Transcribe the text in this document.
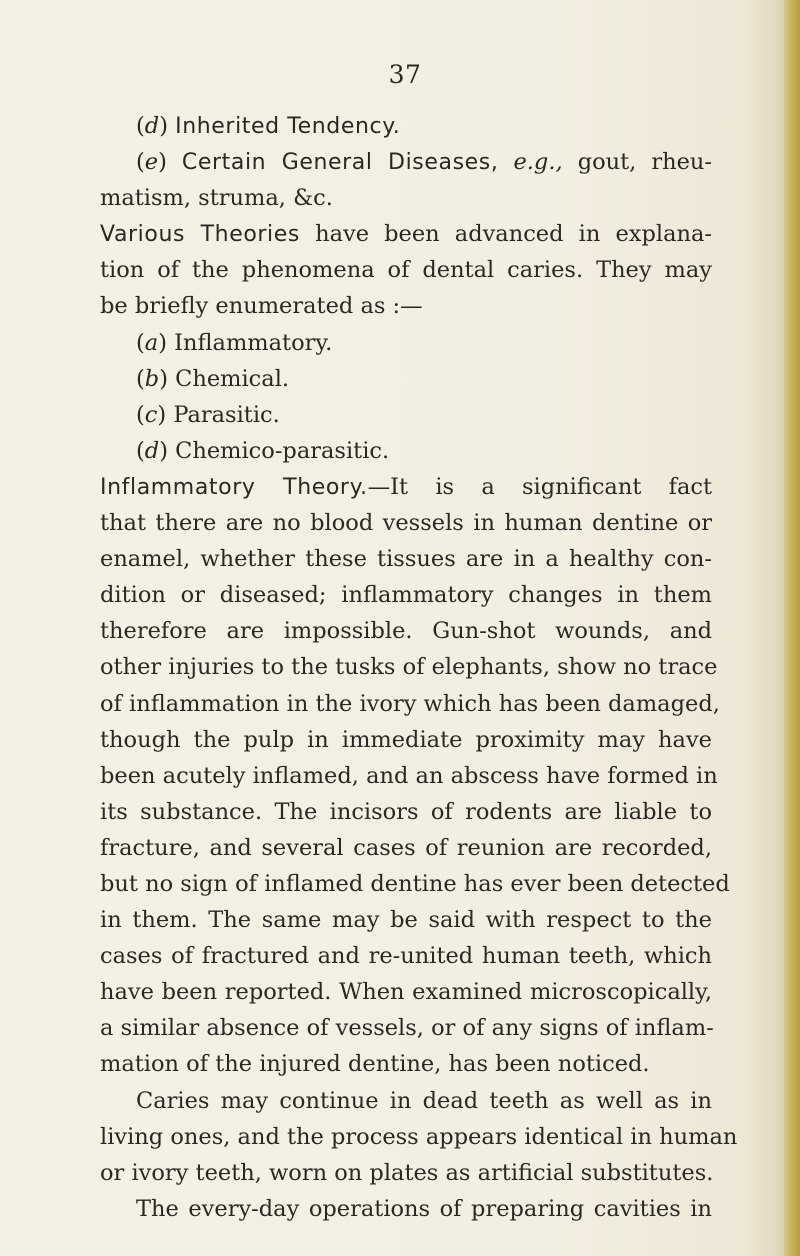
37
(d) Inherited Tendency.
(e) Certain General Diseases, e.g., gout, rheu-
matism, struma, &c.
Various Theories have been advanced in explana-
tion of the phenomena of dental caries. They may
be briefly enumerated as :—
(a) Inflammatory.
(b) Chemical.
(c) Parasitic.
(d) Chemico-parasitic.
Inflammatory Theory.—It is a significant fact
that there are no blood vessels in human dentine or
enamel, whether these tissues are in a healthy con-
dition or diseased; inflammatory changes in them
therefore are impossible. Gun-shot wounds, and
other injuries to the tusks of elephants, show no trace
of inflammation in the ivory which has been damaged,
though the pulp in immediate proximity may have
been acutely inflamed, and an abscess have formed in
its substance. The incisors of rodents are liable to
fracture, and several cases of reunion are recorded,
but no sign of inflamed dentine has ever been detected
in them. The same may be said with respect to the
cases of fractured and re-united human teeth, which
have been reported. When examined microscopically,
a similar absence of vessels, or of any signs of inflam-
mation of the injured dentine, has been noticed.
Caries may continue in dead teeth as well as in
living ones, and the process appears identical in human
or ivory teeth, worn on plates as artificial substitutes.
The every-day operations of preparing cavities in
